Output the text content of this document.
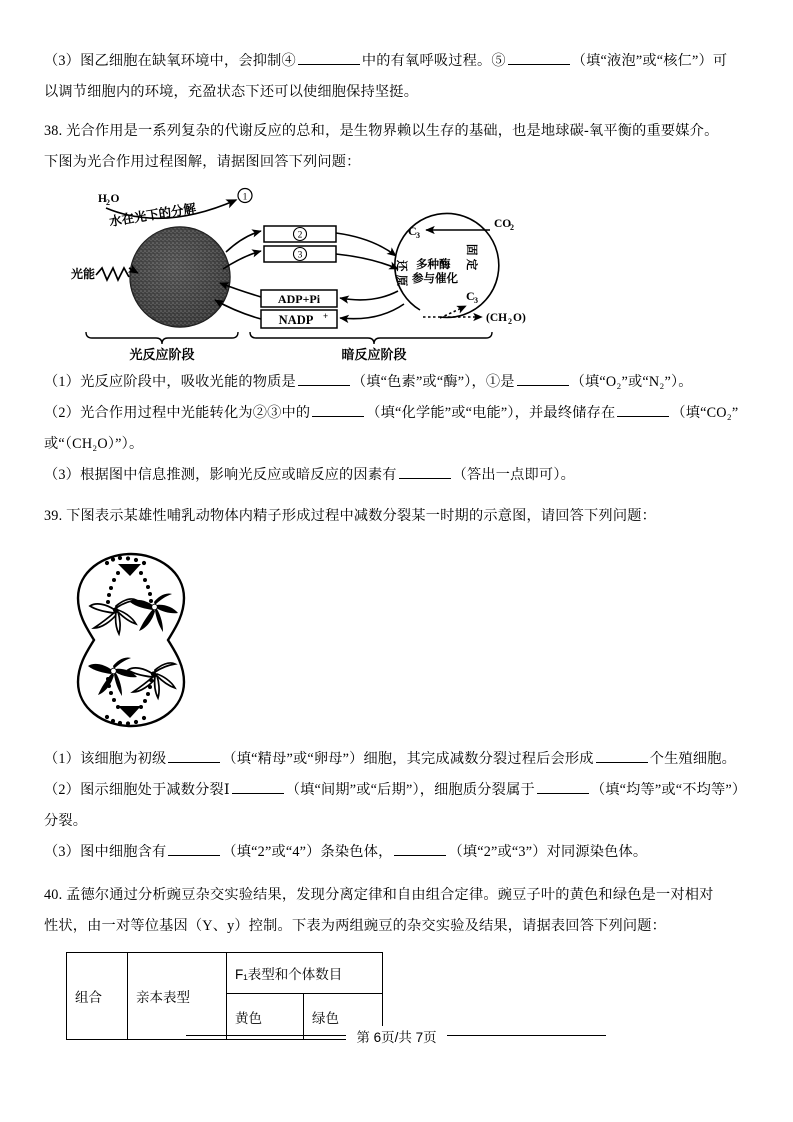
（3）图乙细胞在缺氧环境中，会抑制④	中的有氧呼吸过程。⑤	（填“液泡”或“核仁”）可

以调节细胞内的环境，充盈状态下还可以使细胞保持坚挺。

38. 光合作用是一系列复杂的代谢反应的总和，是生物界赖以生存的基础，也是地球碳-氧平衡的重要媒介。

下图为光合作用过程图解，请据图回答下列问题：

H 2 O
水在光下的分解
1
光能
2
3
ADP+Pi
NADP +
C 3
CO
2
固 定
还 原 多种酶
参与催化
C 3
(CH 2 O)
光反应阶段	暗反应阶段

（1）光反应阶段中，吸收光能的物质是	（填“色素”或“酶”），①是	（填“O₂”或“N₂”）。

（2）光合作用过程中光能转化为②③中的	（填“化学能”或“电能”），并最终储存在	（填“CO₂”

或“（CH₂O）”）。

（3）根据图中信息推测，影响光反应或暗反应的因素有	（答出一点即可）。

39. 下图表示某雄性哺乳动物体内精子形成过程中减数分裂某一时期的示意图，请回答下列问题：

（1）该细胞为初级	（填“精母”或“卵母”）细胞，其完成减数分裂过程后会形成	个生殖细胞。

（2）图示细胞处于减数分裂Ⅰ	（填“间期”或“后期”），细胞质分裂属于	（填“均等”或“不均等”）

分裂。

（3）图中细胞含有	（填“2”或“4”）条染色体，	（填“2”或“3”）对同源染色体。

40. 孟德尔通过分析豌豆杂交实验结果，发现分离定律和自由组合定律。豌豆子叶的黄色和绿色是一对相对

性状，由一对等位基因（Y、y）控制。下表为两组豌豆的杂交实验及结果，请据表回答下列问题：

组合	亲本表型	F₁表型和个体数目	
		黄色	绿色
第 6页/共 7页
